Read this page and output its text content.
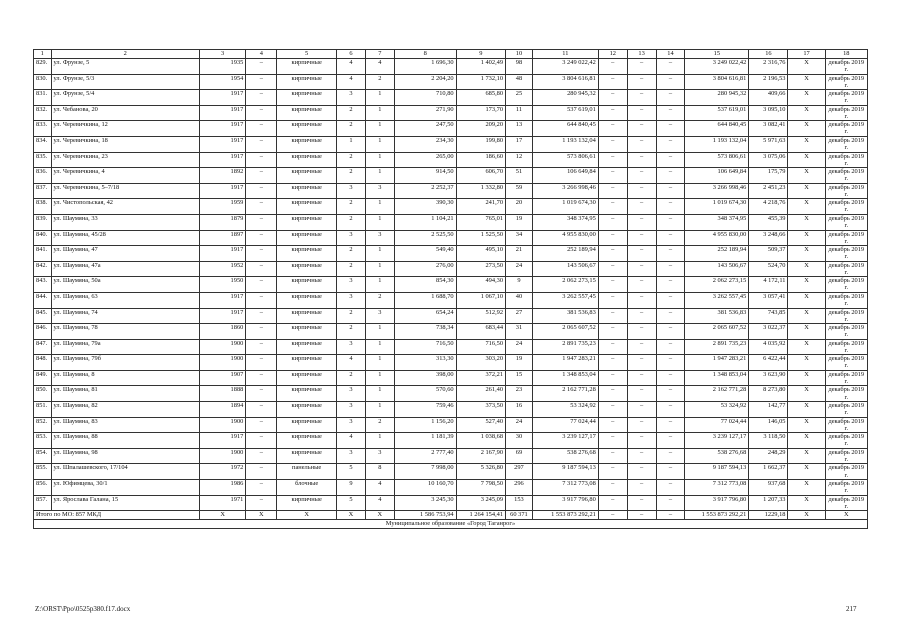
1	2	3	4	5	6	7	8	9	10	11	12	13	14	15	16	17	18
829.	ул. Фрунзе, 5	1935	–	кирпичные	4	4	1 696,30	1 402,49	98	3 249 022,42	–	–	–	3 249 022,42	2 316,76	X	декабрь 2019 г.
830.	ул. Фрунзе, 5/3	1954	–	кирпичные	4	2	2 204,20	1 732,10	48	3 804 616,81	–	–	–	3 804 616,81	2 196,53	X	декабрь 2019 г.
831.	ул. Фрунзе, 5/4	1917	–	кирпичные	3	1	710,80	685,80	25	280 945,32	–	–	–	280 945,32	409,66	X	декабрь 2019 г.
832.	ул. Чебанова, 20	1917	–	кирпичные	2	1	271,90	173,70	11	537 619,01	–	–	–	537 619,01	3 095,10	X	декабрь 2019 г.
833.	ул. Черевичкина, 12	1917	–	кирпичные	2	1	247,50	209,20	13	644 840,45	–	–	–	644 840,45	3 082,41	X	декабрь 2019 г.
834.	ул. Черевичкина, 18	1917	–	кирпичные	1	1	234,30	199,80	17	1 193 132,04	–	–	–	1 193 132,04	5 971,63	X	декабрь 2019 г.
835.	ул. Черевичкина, 23	1917	–	кирпичные	2	1	265,00	186,60	12	573 806,61	–	–	–	573 806,61	3 075,06	X	декабрь 2019 г.
836.	ул. Черевичкина, 4	1892	–	кирпичные	2	1	914,50	606,70	51	106 649,84	–	–	–	106 649,84	175,79	X	декабрь 2019 г.
837.	ул. Черевичкина, 5–7/18	1917	–	кирпичные	3	3	2 252,37	1 332,80	59	3 266 998,46	–	–	–	3 266 998,46	2 451,23	X	декабрь 2019 г.
838.	ул. Чистопольская, 42	1959	–	кирпичные	2	1	390,30	241,70	20	1 019 674,30	–	–	–	1 019 674,30	4 218,76	X	декабрь 2019 г.
839.	ул. Шаумяна, 33	1879	–	кирпичные	2	1	1 104,21	765,01	19	348 374,95	–	–	–	348 374,95	455,39	X	декабрь 2019 г.
840.	ул. Шаумяна, 45/28	1897	–	кирпичные	3	3	2 525,50	1 525,50	34	4 955 830,00	–	–	–	4 955 830,00	3 248,66	X	декабрь 2019 г.
841.	ул. Шаумяна, 47	1917	–	кирпичные	2	1	549,40	495,10	21	252 189,94	–	–	–	252 189,94	509,37	X	декабрь 2019 г.
842.	ул. Шаумяна, 47а	1952	–	кирпичные	2	1	276,00	273,50	24	143 506,67	–	–	–	143 506,67	524,70	X	декабрь 2019 г.
843.	ул. Шаумяна, 50а	1950	–	кирпичные	3	1	854,30	494,30	9	2 062 273,15	–	–	–	2 062 273,15	4 172,11	X	декабрь 2019 г.
844.	ул. Шаумяна, 63	1917	–	кирпичные	3	2	1 688,70	1 067,10	40	3 262 557,45	–	–	–	3 262 557,45	3 057,41	X	декабрь 2019 г.
845.	ул. Шаумяна, 74	1917	–	кирпичные	2	3	654,24	512,92	27	381 536,83	–	–	–	381 536,83	743,85	X	декабрь 2019 г.
846.	ул. Шаумяна, 78	1860	–	кирпичные	2	1	738,34	683,44	31	2 065 607,52	–	–	–	2 065 607,52	3 022,37	X	декабрь 2019 г.
847.	ул. Шаумяна, 79а	1900	–	кирпичные	3	1	716,50	716,50	24	2 891 735,23	–	–	–	2 891 735,23	4 035,92	X	декабрь 2019 г.
848.	ул. Шаумяна, 79б	1900	–	кирпичные	4	1	313,30	303,20	19	1 947 283,21	–	–	–	1 947 283,21	6 422,44	X	декабрь 2019 г.
849.	ул. Шаумяна, 8	1907	–	кирпичные	2	1	398,00	372,21	15	1 348 853,04	–	–	–	1 348 853,04	3 623,90	X	декабрь 2019 г.
850.	ул. Шаумяна, 81	1888	–	кирпичные	3	1	570,60	261,40	23	2 162 771,28	–	–	–	2 162 771,28	8 273,80	X	декабрь 2019 г.
851.	ул. Шаумяна, 82	1894	–	кирпичные	3	1	759,46	373,50	16	53 324,92	–	–	–	53 324,92	142,77	X	декабрь 2019 г.
852.	ул. Шаумяна, 83	1900	–	кирпичные	3	2	1 156,20	527,40	24	77 024,44	–	–	–	77 024,44	146,05	X	декабрь 2019 г.
853.	ул. Шаумяна, 88	1917	–	кирпичные	4	1	1 181,39	1 038,68	30	3 239 127,17	–	–	–	3 239 127,17	3 118,50	X	декабрь 2019 г.
854.	ул. Шаумяна, 98	1900	–	кирпичные	3	3	2 777,40	2 167,90	69	538 276,68	–	–	–	538 276,68	248,29	X	декабрь 2019 г.
855.	ул. Шпалашевского, 17/104	1972	–	панельные	5	8	7 998,00	5 326,80	297	9 187 594,13	–	–	–	9 187 594,13	1 662,37	X	декабрь 2019 г.
856.	ул. Юфимцева, 30/1	1986	–	блочные	9	4	10 160,70	7 798,50	296	7 312 773,08	–	–	–	7 312 773,08	937,68	X	декабрь 2019 г.
857.	ул. Ярослава Галана, 15	1971	–	кирпичные	5	4	3 245,30	3 245,09	153	3 917 796,80	–	–	–	3 917 796,80	1 207,33	X	декабрь 2019 г.
Итого по МО: 857 МКД		X	X	X	X	X	1 586 753,94	1 264 154,41	60 371	1 553 873 292,21	–	–	–	1 553 873 292,21	1229,18	X	X
Муниципальное образование «Город Таганрог»																	
Z:\ORST\Ppo\0525p380.f17.docx	217
